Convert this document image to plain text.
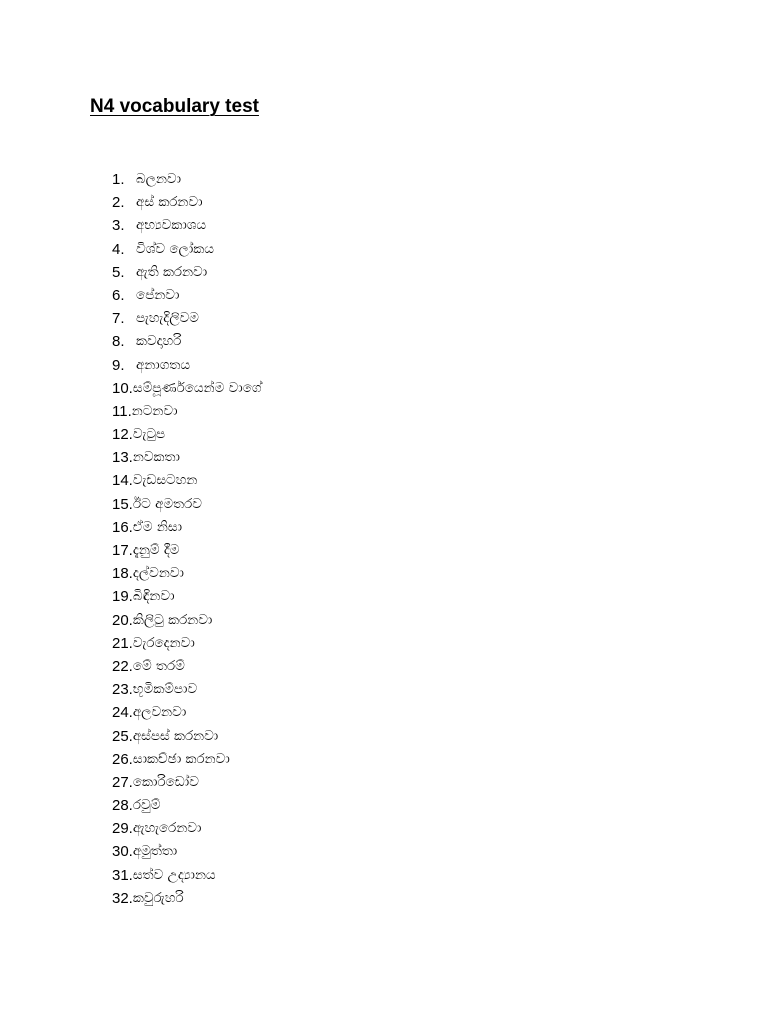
N4 vocabulary test
1. බලනවා
2. අස් කරනවා
3. අභ්‍යවකාශය
4. විශ්ව ලෝකය
5. ඇති කරනවා
6. පේනවා
7. පැහැදිලිවම
8. කවදාහරි
9. අනාගතය
10. සම්පූර්ණයෙන්ම වාගේ
11. නටනවා
12. වැටුප
13. නවකතා
14. වැඩසටහන
15. ඊට අමතරව
16. ඒම නිසා
17. දැනුම් දීම
18. දල්වනවා
19. බිඳිනවා
20. කිලිටු කරනවා
21. වැරදෙනවා
22. මේ තරම්
23. භූමිකම්පාව
24. අලවනවා
25. අස්පස් කරනවා
26. සාකච්ඡා කරනවා
27. කොරිඩෝව
28. රවුම්
29. ඇහැරෙනවා
30. අමුත්තා
31. සත්ව උද්‍යානය
32. කවුරුහරි
